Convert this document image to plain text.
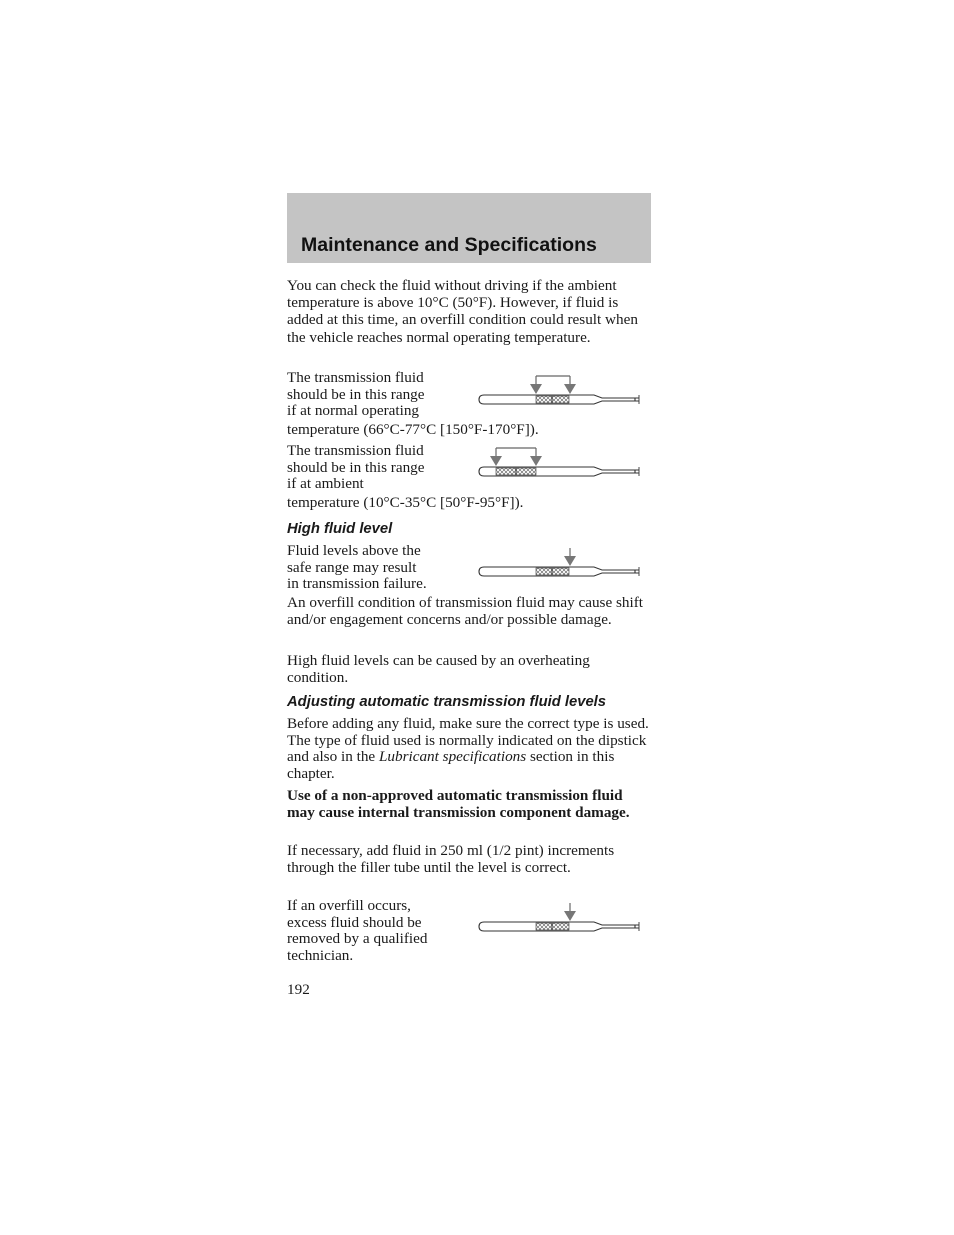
Maintenance and Specifications

You can check the fluid without driving if the ambient temperature is above 10°C (50°F). However, if fluid is added at this time, an overfill condition could result when the vehicle reaches normal operating temperature.

The transmission fluid
should be in this range
if at normal operating
temperature (66°C-77°C [150°F-170°F]).
The transmission fluid
should be in this range
if at ambient
temperature (10°C-35°C [50°F-95°F]).
High fluid level
Fluid levels above the
safe range may result
in transmission failure.
An overfill condition of transmission fluid may cause shift and/or engagement concerns and/or possible damage.
High fluid levels can be caused by an overheating condition.
Adjusting automatic transmission fluid levels
Before adding any fluid, make sure the correct type is used. The type of fluid used is normally indicated on the dipstick and also in the Lubricant specifications section in this chapter.
Use of a non-approved automatic transmission fluid may cause internal transmission component damage.
If necessary, add fluid in 250 ml (1/2 pint) increments through the filler tube until the level is correct.
If an overfill occurs,
excess fluid should be
removed by a qualified
technician.
192
